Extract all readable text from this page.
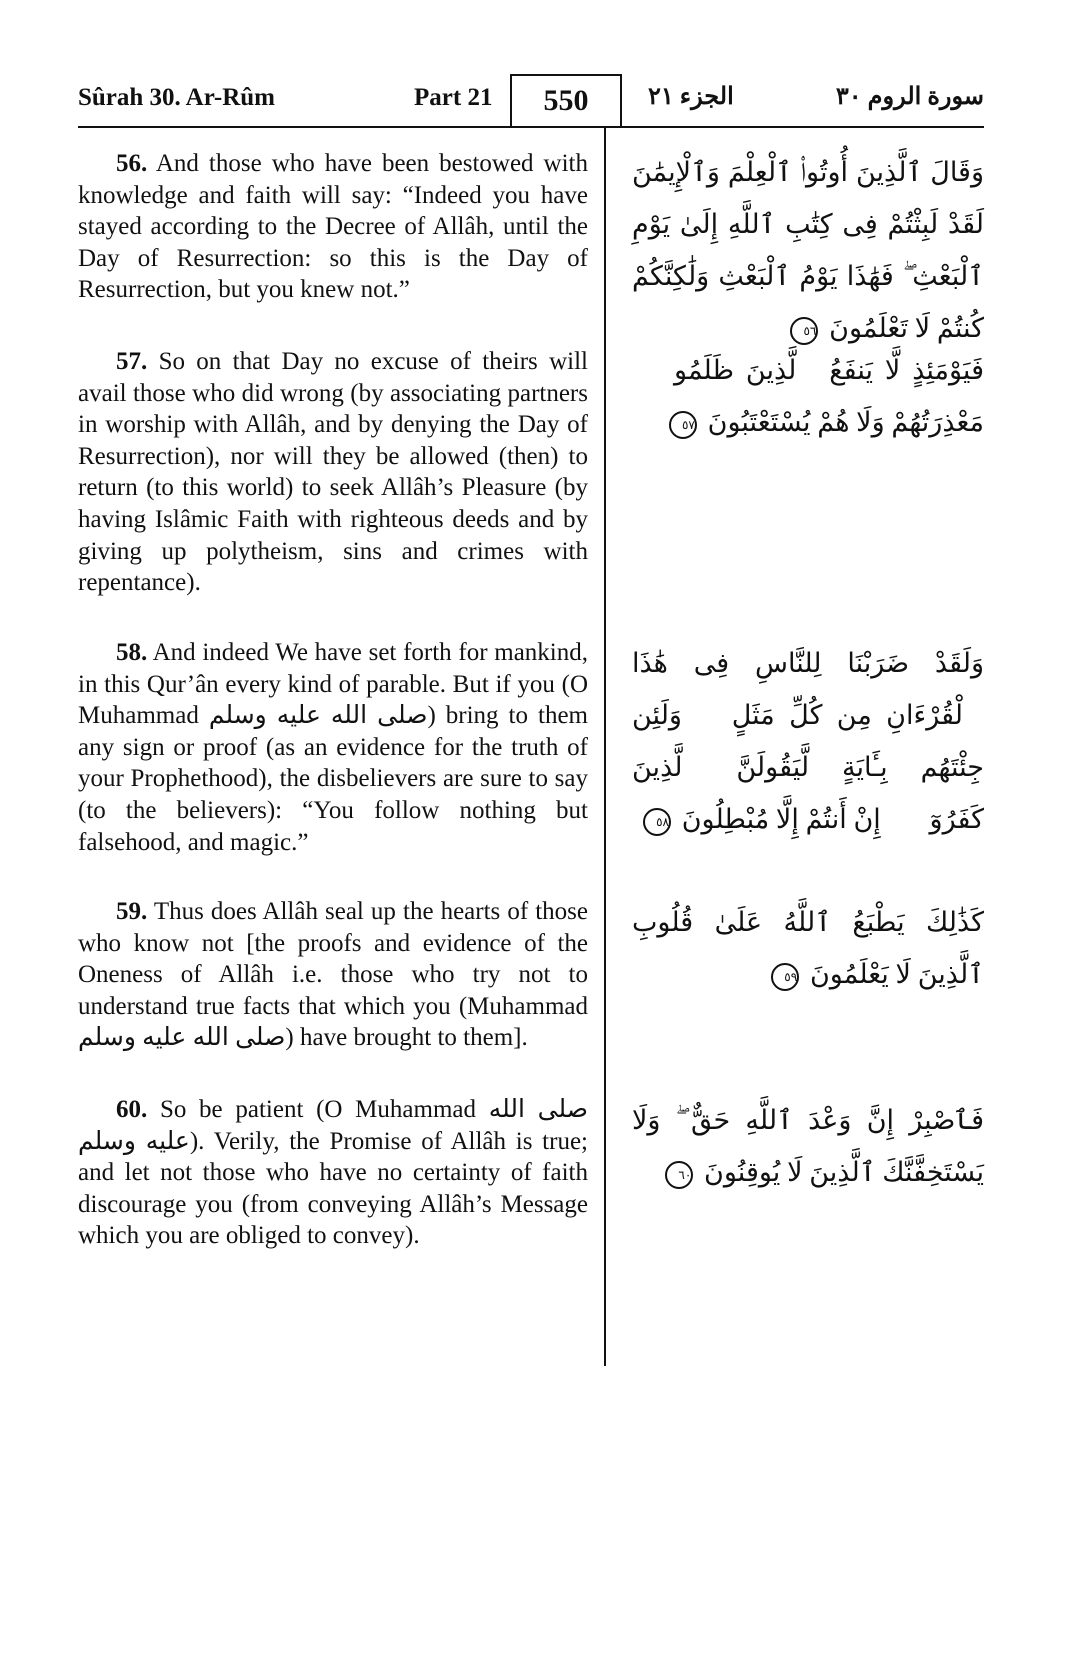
Sûrah 30. Ar-Rûm	Part 21	550	الجزء ٢١	سورة الروم ٣٠

56. And those who have been bestowed with knowledge and faith will say: “Indeed you have stayed according to the Decree of Allâh, until the Day of Resurrection: so this is the Day of Resurrection, but you knew not.”

وَقَالَ ٱلَّذِينَ أُوتُوا۟ ٱلْعِلْمَ وَٱلْإِيمَٰنَ لَقَدْ لَبِثْتُمْ فِى كِتَٰبِ ٱللَّهِ إِلَىٰ يَوْمِ ٱلْبَعْثِ ۖ فَهَٰذَا يَوْمُ ٱلْبَعْثِ وَلَٰكِنَّكُمْ كُنتُمْ لَا تَعْلَمُونَ ٥٦

57. So on that Day no excuse of theirs will avail those who did wrong (by associating partners in worship with Allâh, and by denying the Day of Resurrection), nor will they be allowed (then) to return (to this world) to seek Allâh’s Pleasure (by having Islâmic Faith with righteous deeds and by giving up polytheism, sins and crimes with repentance).

فَيَوْمَئِذٍ لَّا يَنفَعُ ٱلَّذِينَ ظَلَمُوا۟ مَعْذِرَتُهُمْ وَلَا هُمْ يُسْتَعْتَبُونَ ٥٧

58. And indeed We have set forth for mankind, in this Qur’ân every kind of parable. But if you (O Muhammad صلى الله عليه وسلم) bring to them any sign or proof (as an evidence for the truth of your Prophethood), the disbelievers are sure to say (to the believers): “You follow nothing but falsehood, and magic.”

وَلَقَدْ ضَرَبْنَا لِلنَّاسِ فِى هَٰذَا ٱلْقُرْءَانِ مِن كُلِّ مَثَلٍ ۚ وَلَئِن جِئْتَهُم بِـَٔايَةٍ لَّيَقُولَنَّ ٱلَّذِينَ كَفَرُوٓا۟ إِنْ أَنتُمْ إِلَّا مُبْطِلُونَ ٥٨

59. Thus does Allâh seal up the hearts of those who know not [the proofs and evidence of the Oneness of Allâh i.e. those who try not to understand true facts that which you (Muhammad صلى الله عليه وسلم) have brought to them].

كَذَٰلِكَ يَطْبَعُ ٱللَّهُ عَلَىٰ قُلُوبِ ٱلَّذِينَ لَا يَعْلَمُونَ ٥٩

60. So be patient (O Muhammad صلى الله عليه وسلم). Verily, the Promise of Allâh is true; and let not those who have no certainty of faith discourage you (from conveying Allâh’s Message which you are obliged to convey).

فَٱصْبِرْ إِنَّ وَعْدَ ٱللَّهِ حَقٌّ ۖ وَلَا يَسْتَخِفَّنَّكَ ٱلَّذِينَ لَا يُوقِنُونَ ٦٠
